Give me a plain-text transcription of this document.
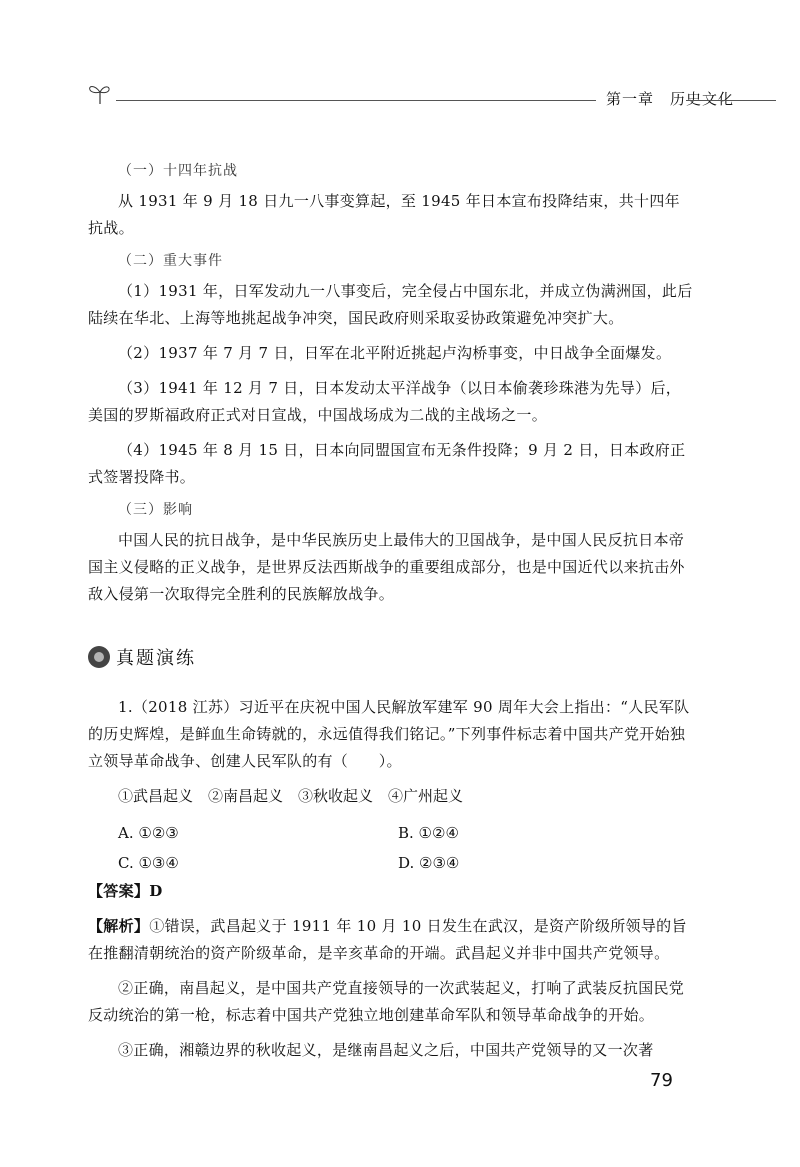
第一章　历史文化
（一）十四年抗战

从 1931 年 9 月 18 日九一八事变算起，至 1945 年日本宣布投降结束，共十四年抗战。

（二）重大事件

（1）1931 年，日军发动九一八事变后，完全侵占中国东北，并成立伪满洲国，此后陆续在华北、上海等地挑起战争冲突，国民政府则采取妥协政策避免冲突扩大。

（2）1937 年 7 月 7 日，日军在北平附近挑起卢沟桥事变，中日战争全面爆发。

（3）1941 年 12 月 7 日，日本发动太平洋战争（以日本偷袭珍珠港为先导）后，美国的罗斯福政府正式对日宣战，中国战场成为二战的主战场之一。

（4）1945 年 8 月 15 日，日本向同盟国宣布无条件投降；9 月 2 日，日本政府正式签署投降书。

（三）影响

中国人民的抗日战争，是中华民族历史上最伟大的卫国战争，是中国人民反抗日本帝国主义侵略的正义战争，是世界反法西斯战争的重要组成部分，也是中国近代以来抗击外敌入侵第一次取得完全胜利的民族解放战争。

真题演练

1.（2018 江苏）习近平在庆祝中国人民解放军建军 90 周年大会上指出：“人民军队的历史辉煌，是鲜血生命铸就的，永远值得我们铭记。”下列事件标志着中国共产党开始独立领导革命战争、创建人民军队的有（　　）。

①武昌起义　②南昌起义　③秋收起义　④广州起义
A. ①②③	B. ①②④
C. ①③④	D. ②③④

【答案】D

【解析】①错误，武昌起义于 1911 年 10 月 10 日发生在武汉，是资产阶级所领导的旨在推翻清朝统治的资产阶级革命，是辛亥革命的开端。武昌起义并非中国共产党领导。

②正确，南昌起义，是中国共产党直接领导的一次武装起义，打响了武装反抗国民党反动统治的第一枪，标志着中国共产党独立地创建革命军队和领导革命战争的开始。

③正确，湘赣边界的秋收起义，是继南昌起义之后，中国共产党领导的又一次著

79
